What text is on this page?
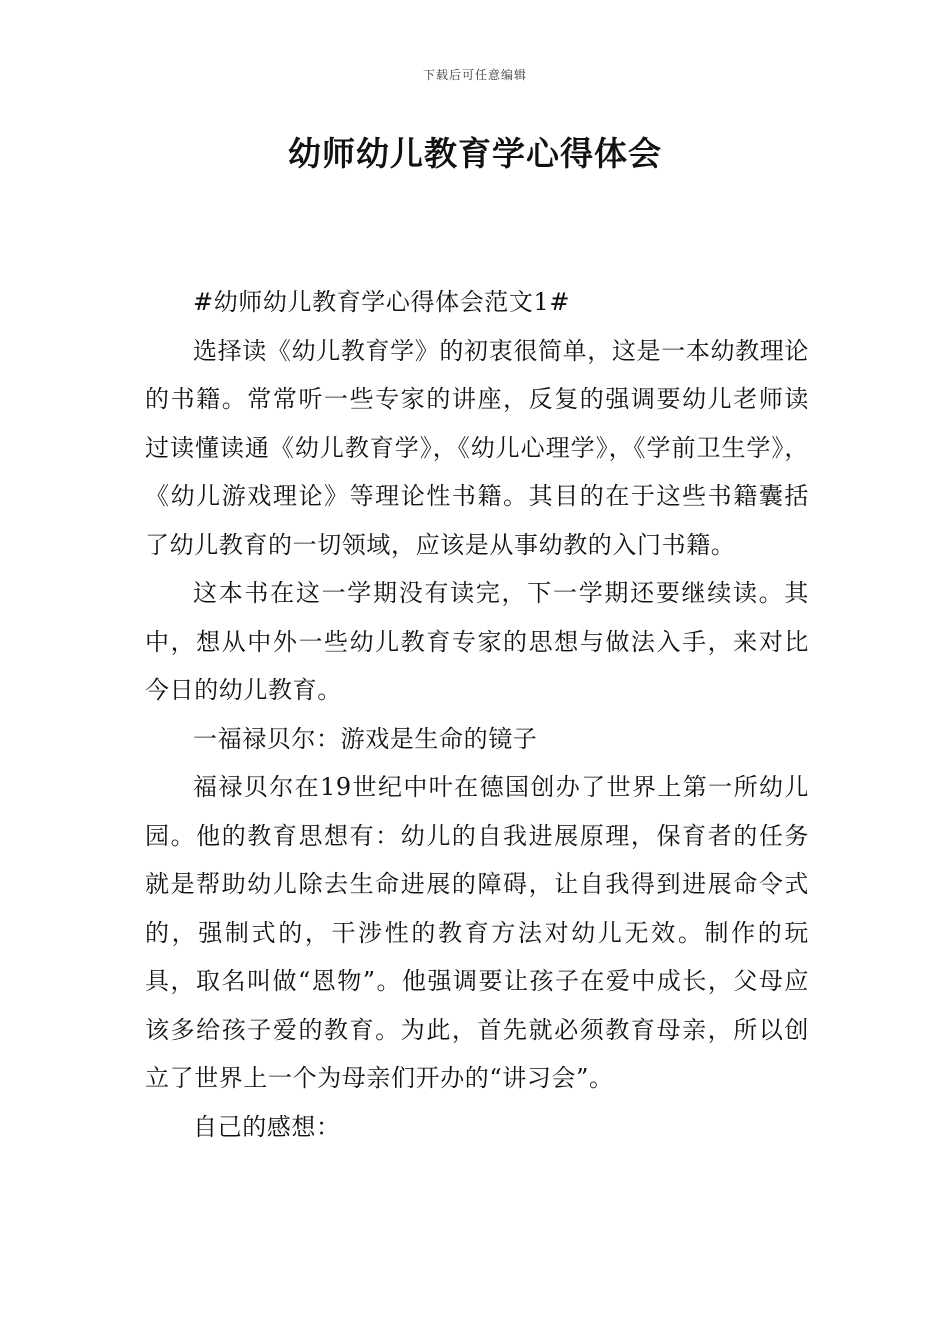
下载后可任意编辑
幼师幼儿教育学心得体会

#幼师幼儿教育学心得体会范文1#

选择读《幼儿教育学》的初衷很简单，这是一本幼教理论的书籍。常常听一些专家的讲座，反复的强调要幼儿老师读过读懂读通《幼儿教育学》，《幼儿心理学》，《学前卫生学》，《幼儿游戏理论》等理论性书籍。其目的在于这些书籍囊括了幼儿教育的一切领域，应该是从事幼教的入门书籍。

这本书在这一学期没有读完，下一学期还要继续读。其中，想从中外一些幼儿教育专家的思想与做法入手，来对比今日的幼儿教育。

一福禄贝尔：游戏是生命的镜子

福禄贝尔在19世纪中叶在德国创办了世界上第一所幼儿园。他的教育思想有：幼儿的自我进展原理，保育者的任务就是帮助幼儿除去生命进展的障碍，让自我得到进展命令式的，强制式的，干涉性的教育方法对幼儿无效。制作的玩具，取名叫做“恩物”。他强调要让孩子在爱中成长，父母应该多给孩子爱的教育。为此，首先就必须教育母亲，所以创立了世界上一个为母亲们开办的“讲习会”。

自己的感想：
